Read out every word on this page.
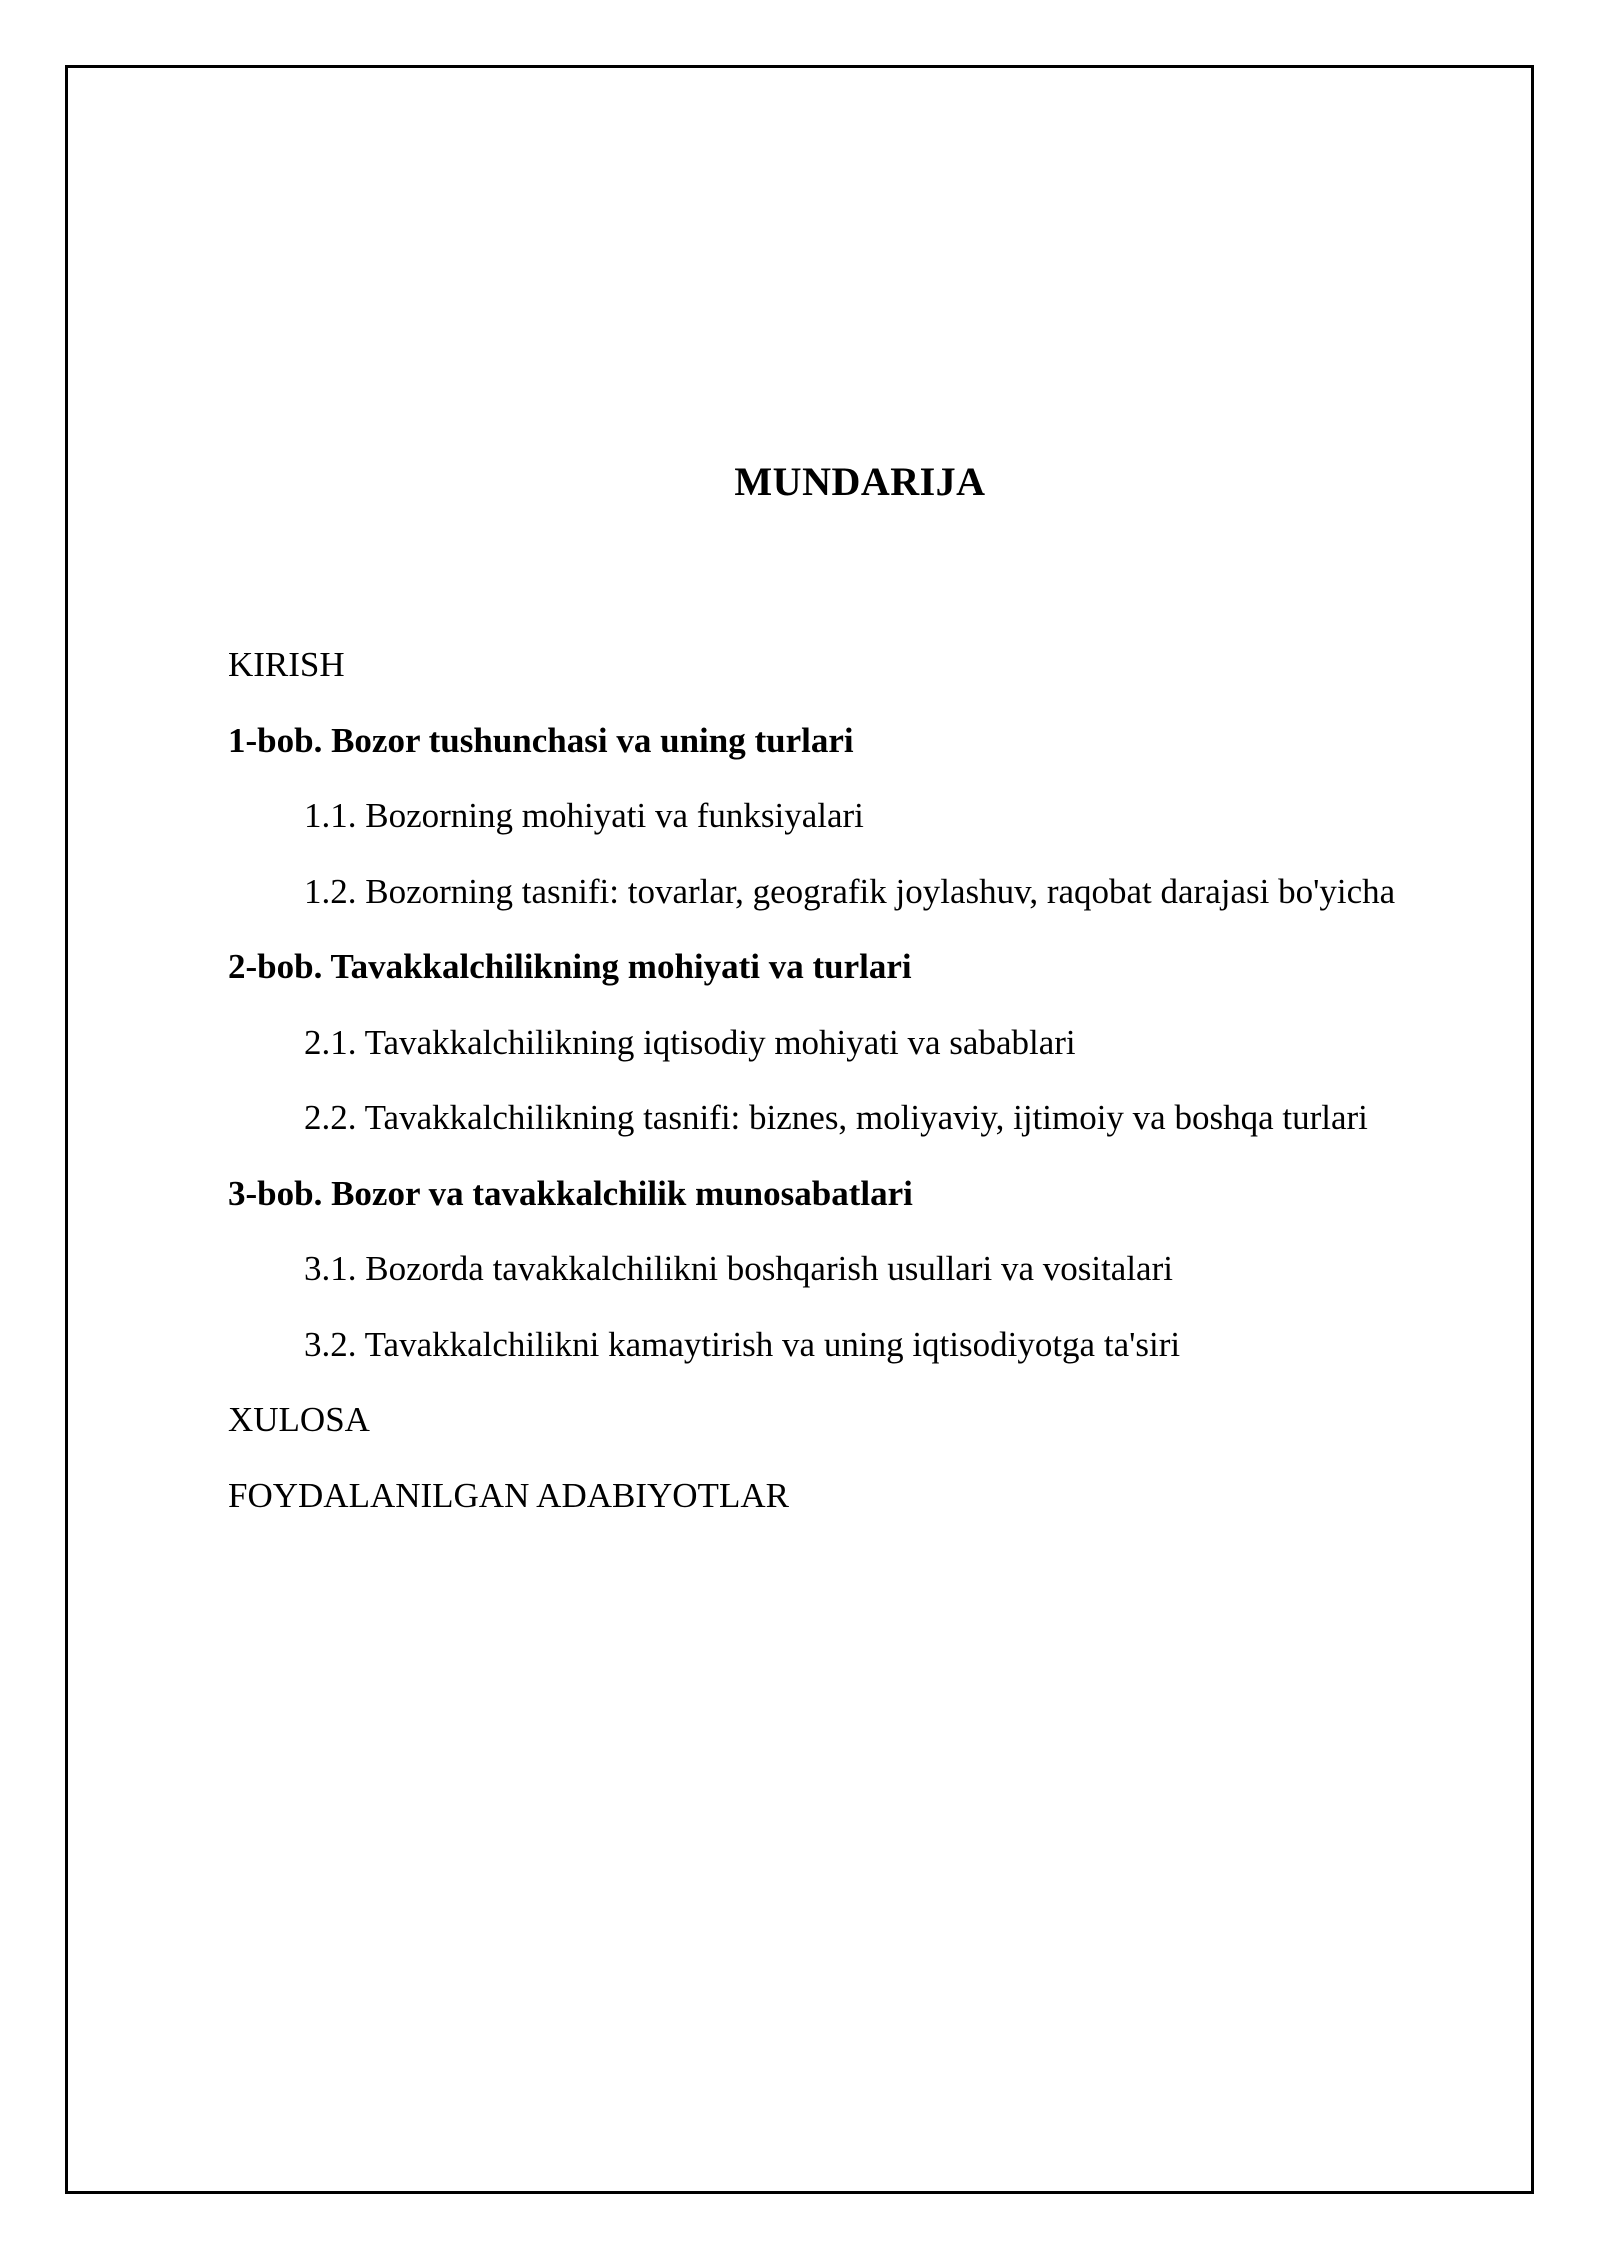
MUNDARIJA
KIRISH
1-bob. Bozor tushunchasi va uning turlari
1.1. Bozorning mohiyati va funksiyalari
1.2. Bozorning tasnifi: tovarlar, geografik joylashuv, raqobat darajasi bo'yicha
2-bob. Tavakkalchilikning mohiyati va turlari
2.1. Tavakkalchilikning iqtisodiy mohiyati va sabablari
2.2. Tavakkalchilikning tasnifi: biznes, moliyaviy, ijtimoiy va boshqa turlari
3-bob. Bozor va tavakkalchilik munosabatlari
3.1. Bozorda tavakkalchilikni boshqarish usullari va vositalari
3.2. Tavakkalchilikni kamaytirish va uning iqtisodiyotga ta'siri
XULOSA
FOYDALANILGAN ADABIYOTLAR
